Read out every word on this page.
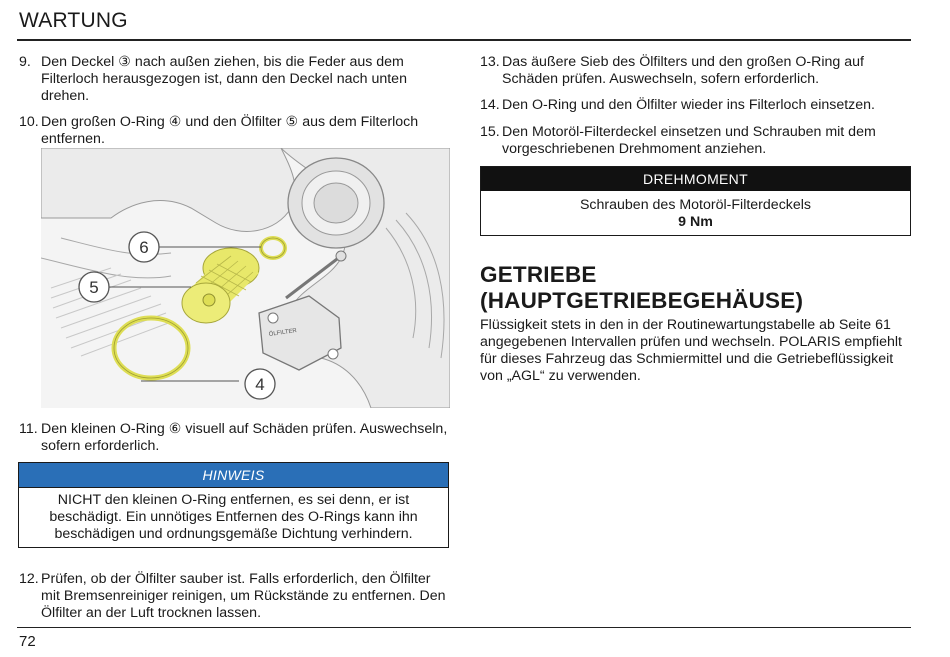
WARTUNG
9. Den Deckel ③ nach außen ziehen, bis die Feder aus dem Filterloch herausgezogen ist, dann den Deckel nach unten drehen.
10. Den großen O-Ring ④ und den Ölfilter ⑤ aus dem Filterloch entfernen.
ÖLFILTER
6
5
4
11. Den kleinen O-Ring ⑥ visuell auf Schäden prüfen. Auswechseln, sofern erforderlich.
HINWEIS
NICHT den kleinen O-Ring entfernen, es sei denn, er ist beschädigt. Ein unnötiges Entfernen des O-Rings kann ihn beschädigen und ordnungsgemäße Dichtung verhindern.
12. Prüfen, ob der Ölfilter sauber ist. Falls erforderlich, den Ölfilter mit Bremsenreiniger reinigen, um Rückstände zu entfernen. Den Ölfilter an der Luft trocknen lassen.
13. Das äußere Sieb des Ölfilters und den großen O-Ring auf Schäden prüfen. Auswechseln, sofern erforderlich.
14. Den O-Ring und den Ölfilter wieder ins Filterloch einsetzen.
15. Den Motoröl-Filterdeckel einsetzen und Schrauben mit dem vorgeschriebenen Drehmoment anziehen.
DREHMOMENT
Schrauben des Motoröl-Filterdeckels
9 Nm
GETRIEBE
(HAUPTGETRIEBEGEHÄUSE)
Flüssigkeit stets in den in der Routinewartungstabelle ab Seite 61 angegebenen Intervallen prüfen und wechseln. POLARIS empfiehlt für dieses Fahrzeug das Schmiermittel und die Getriebeflüssigkeit von „AGL“ zu verwenden.
72
